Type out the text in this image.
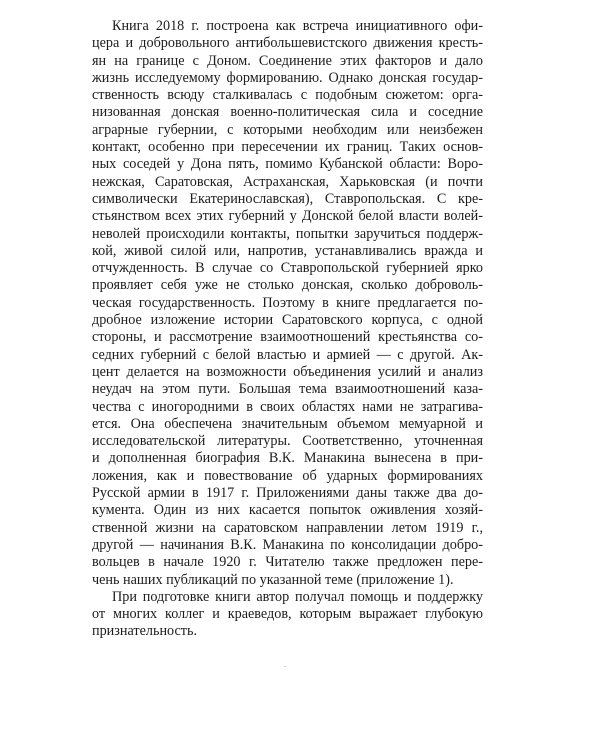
Книга 2018 г. построена как встреча инициативного офи-
цера и добровольного антибольшевистского движения кресть-
ян на границе с Доном. Соединение этих факторов и дало
жизнь исследуемому формированию. Однако донская государ-
ственность всюду сталкивалась с подобным сюжетом: орга-
низованная донская военно-политическая сила и соседние
аграрные губернии, с которыми необходим или неизбежен
контакт, особенно при пересечении их границ. Таких основ-
ных соседей у Дона пять, помимо Кубанской области: Воро-
нежская, Саратовская, Астраханская, Харьковская (и почти
символически Екатеринославская), Ставропольская. С кре-
стьянством всех этих губерний у Донской белой власти волей-
неволей происходили контакты, попытки заручиться поддерж-
кой, живой силой или, напротив, устанавливались вражда и
отчужденность. В случае со Ставропольской губернией ярко
проявляет себя уже не столько донская, сколько доброволь-
ческая государственность. Поэтому в книге предлагается по-
дробное изложение истории Саратовского корпуса, с одной
стороны, и рассмотрение взаимоотношений крестьянства со-
седних губерний с белой властью и армией — с другой. Ак-
цент делается на возможности объединения усилий и анализ
неудач на этом пути. Большая тема взаимоотношений каза-
чества с иногородними в своих областях нами не затрагива-
ется. Она обеспечена значительным объемом мемуарной и
исследовательской литературы. Соответственно, уточненная
и дополненная биография В.К. Манакина вынесена в при-
ложения, как и повествование об ударных формированиях
Русской армии в 1917 г. Приложениями даны также два до-
кумента. Один из них касается попыток оживления хозяй-
ственной жизни на саратовском направлении летом 1919 г.,
другой — начинания В.К. Манакина по консолидации добро-
вольцев в начале 1920 г. Читателю также предложен пере-
чень наших публикаций по указанной теме (приложение 1).
При подготовке книги автор получал помощь и поддержку
от многих коллег и краеведов, которым выражает глубокую
признательность.
